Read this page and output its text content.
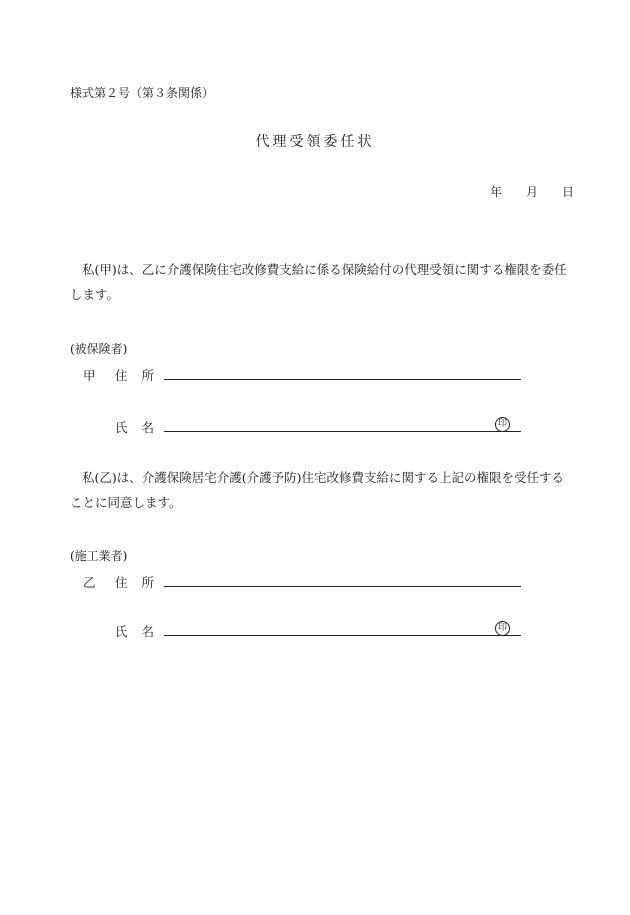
様式第２号（第３条関係）
代理受領委任状
年 月 日
私(甲)は、乙に介護保険住宅改修費支給に係る保険給付の代理受領に関する権限を委任します。
(被保険者)
甲 住所
氏名	印
私(乙)は、介護保険居宅介護(介護予防)住宅改修費支給に関する上記の権限を受任することに同意します。
(施工業者)
乙 住所
氏名	印
